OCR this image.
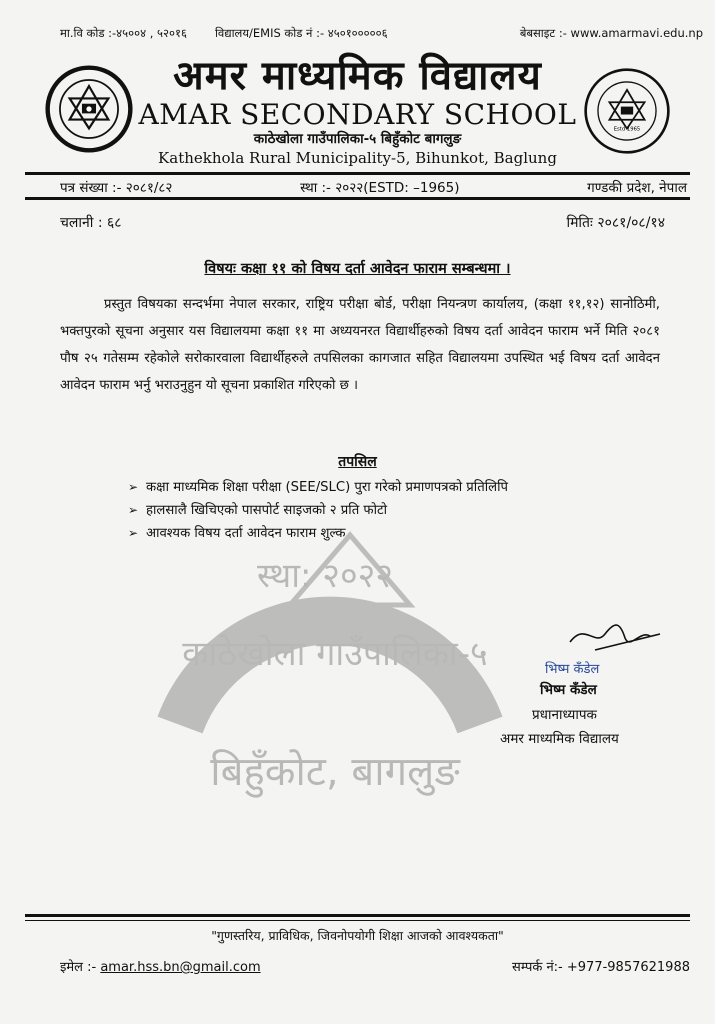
मा.वि कोड :-४५००४ , ५२०१६ विद्यालय/EMIS कोड नं :- ४५०१०००००६	बेबसाइट :- www.amarmavi.edu.np
Estd 1965
अमर माध्यमिक विद्यालय
AMAR SECONDARY SCHOOL
काठेखोला गाउँपालिका-५ बिहुँकोट बागलुङ
Kathekhola Rural Municipality-5, Bihunkot, Baglung
पत्र संख्या :- २०८१/८२	स्था :- २०२२(ESTD: –1965)	गण्डकी प्रदेश, नेपाल
चलानी : ६८	मितिः २०८१/०८/१४
विषयः कक्षा ११ को विषय दर्ता आवेदन फाराम सम्बन्धमा ।
प्रस्तुत विषयका सन्दर्भमा नेपाल सरकार, राष्ट्रिय परीक्षा बोर्ड, परीक्षा नियन्त्रण कार्यालय, (कक्षा ११,१२) सानोठिमी, भक्तपुरको सूचना अनुसार यस विद्यालयमा कक्षा ११ मा अध्ययनरत विद्यार्थीहरुको विषय दर्ता आवेदन फाराम भर्ने मिति २०८१ पौष २५ गतेसम्म रहेकोले सरोकारवाला विद्यार्थीहरुले तपसिलका कागजात सहित विद्यालयमा उपस्थित भई विषय दर्ता आवेदन आवेदन फाराम भर्नु भराउनुहुन यो सूचना प्रकाशित गरिएको छ ।
तपसिल
➢ कक्षा माध्यमिक शिक्षा परीक्षा (SEE/SLC) पुरा गरेको प्रमाणपत्रको प्रतिलिपि
➢ हालसालै खिचिएको पासपोर्ट साइजको २ प्रति फोटो
➢ आवश्यक विषय दर्ता आवेदन फाराम शुल्क
स्था: २०२२
काठेखोला गाउँपालिका-५
बिहुँकोट, बागलुङ
भिष्म कँडेल
भिष्म कँडेल
प्रधानाध्यापक
अमर माध्यमिक विद्यालय
"गुणस्तरिय, प्राविधिक, जिवनोपयोगी शिक्षा आजको आवश्यकता"
इमेल :- amar.hss.bn@gmail.com	सम्पर्क नं:- +977-9857621988
